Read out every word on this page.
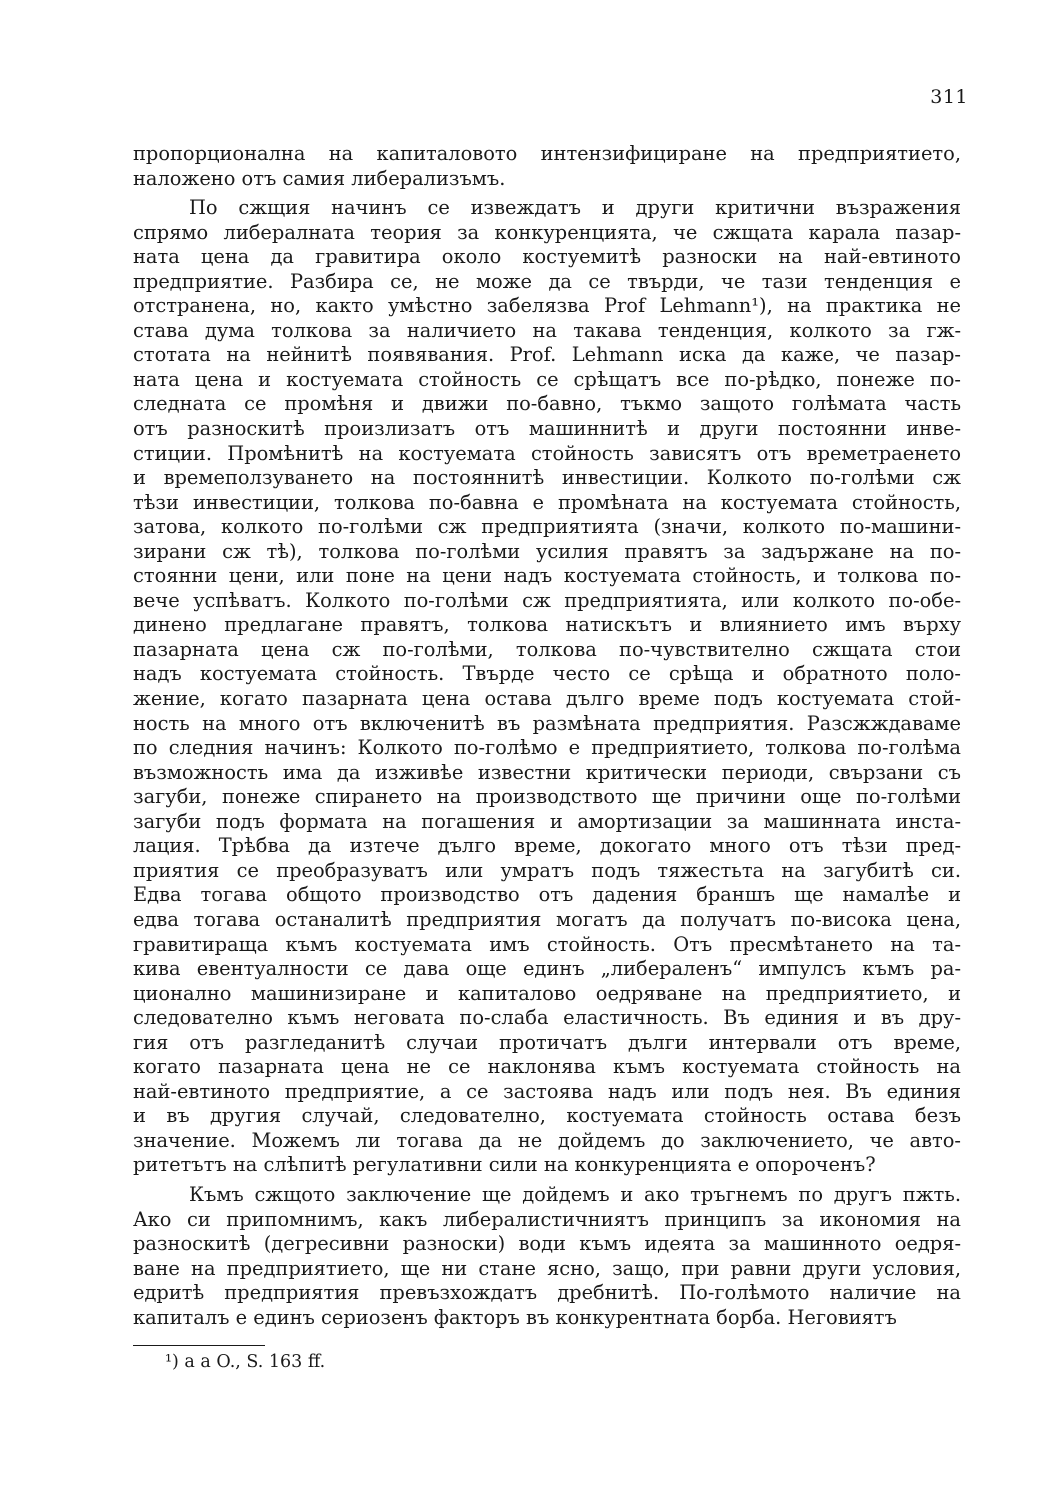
311
пропорционална на капиталовото интензифициране на предприятието,
наложено отъ самия либерализъмъ.
По сжщия начинъ се извеждатъ и други критични възражения
спрямо либералната теория за конкуренцията, че сжщата карала пазар-
ната цена да гравитира около костуемитѣ разноски на най-евтиното
предприятие. Разбира се, не може да се твърди, че тази тенденция е
отстранена, но, както умѣстно забелязва Prof Lehmann¹), на практика не
става дума толкова за наличието на такава тенденция, колкото за гж-
стотата на нейнитѣ появявания. Prof. Lehmann иска да каже, че пазар-
ната цена и костуемата стойность се срѣщатъ все по-рѣдко, понеже по-
следната се промѣня и движи по-бавно, тъкмо защото голѣмата часть
отъ разноскитѣ произлизатъ отъ машиннитѣ и други постоянни инве-
стиции. Промѣнитѣ на костуемата стойность зависятъ отъ времетраенето
и времеползуването на постояннитѣ инвестиции. Колкото по-голѣми сж
тѣзи инвестиции, толкова по-бавна е промѣната на костуемата стойность,
затова, колкото по-голѣми сж предприятията (значи, колкото по-машини-
зирани сж тѣ), толкова по-голѣми усилия правятъ за задържане на по-
стоянни цени, или поне на цени надъ костуемата стойность, и толкова по-
вече успѣватъ. Колкото по-голѣми сж предприятията, или колкото по-обе-
динено предлагане правятъ, толкова натискътъ и влиянието имъ върху
пазарната цена сж по-голѣми, толкова по-чувствително сжщата стои
надъ костуемата стойность. Твърде често се срѣща и обратното поло-
жение, когато пазарната цена остава дълго време подъ костуемата стой-
ность на много отъ включенитѣ въ размѣната предприятия. Разсжждаваме
по следния начинъ: Колкото по-голѣмо е предприятието, толкова по-голѣма
възможность има да изживѣе известни критически периоди, свързани съ
загуби, понеже спирането на производството ще причини още по-голѣми
загуби подъ формата на погашения и амортизации за машинната инста-
лация. Трѣбва да изтече дълго време, докогато много отъ тѣзи пред-
приятия се преобразуватъ или умратъ подъ тяжестьта на загубитѣ си.
Едва тогава общото производство отъ дадения браншъ ще намалѣе и
едва тогава останалитѣ предприятия могатъ да получатъ по-висока цена,
гравитираща къмъ костуемата имъ стойность. Отъ пресмѣтането на та-
кива евентуалности се дава още единъ „либераленъ“ импулсъ къмъ ра-
ционално машинизиране и капиталово оедряване на предприятието, и
следователно къмъ неговата по-слаба еластичность. Въ единия и въ дру-
гия отъ разгледанитѣ случаи протичатъ дълги интервали отъ време,
когато пазарната цена не се наклонява къмъ костуемата стойность на
най-евтиното предприятие, а се застоява надъ или подъ нея. Въ единия
и въ другия случай, следователно, костуемата стойность остава безъ
значение. Можемъ ли тогава да не дойдемъ до заключението, че авто-
ритетътъ на слѣпитѣ регулативни сили на конкуренцията е опороченъ?
Къмъ сжщото заключение ще дойдемъ и ако тръгнемъ по другъ пжть.
Ако си припомнимъ, какъ либералистичниятъ принципъ за икономия на
разноскитѣ (дегресивни разноски) води къмъ идеята за машинното оедря-
ване на предприятието, ще ни стане ясно, защо, при равни други условия,
едритѣ предприятия превъзхождатъ дребнитѣ. По-голѣмото наличие на
капиталъ е единъ сериозенъ факторъ въ конкурентната борба. Неговиятъ
¹) a a O., S. 163 ff.
